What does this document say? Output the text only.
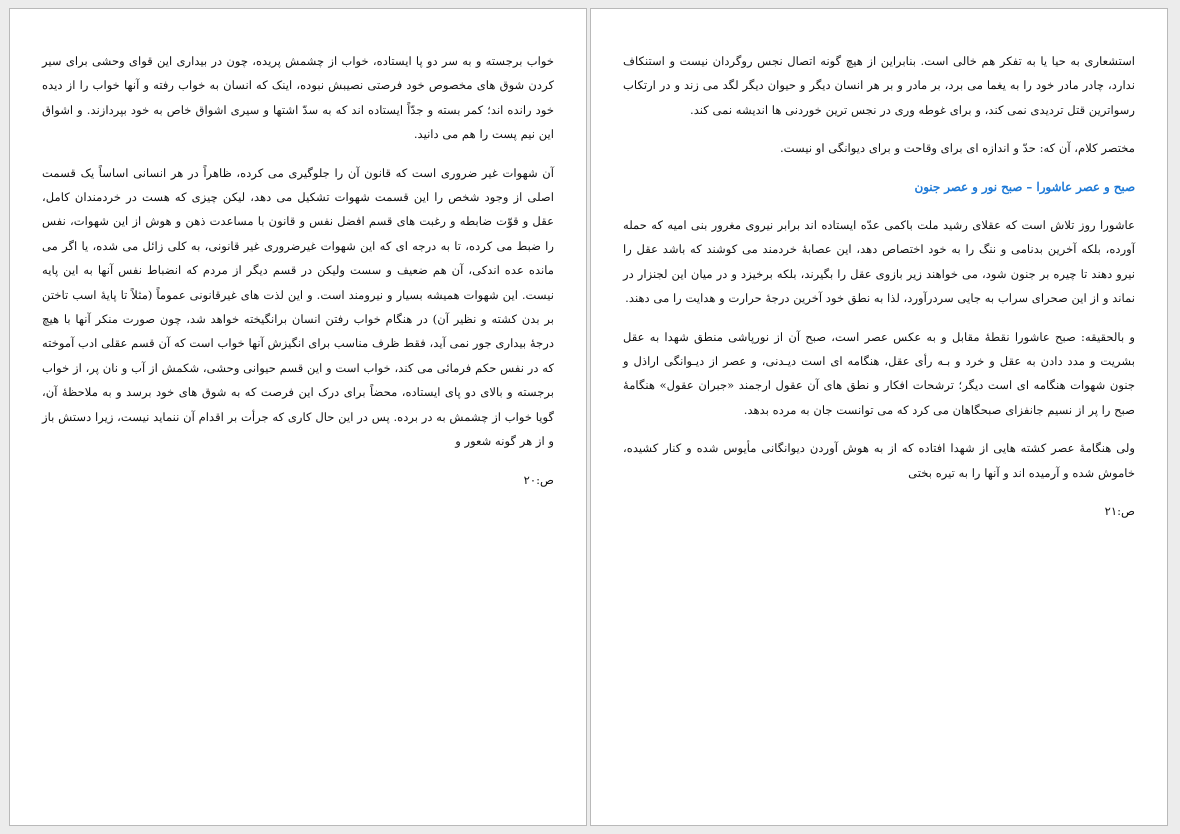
خواب برجسته و به سر دو پا ایستاده، خواب از چشمش پریده، چون در بیداری این قوای وحشی برای سیر کردن شوق های مخصوص خود فرصتی نصیبش نبوده، اینک که انسان به خواب رفته و آنها خواب را از دیده خود رانده اند؛ کمر بسته و جدّاً ایستاده اند که به سدّ اشتها و سیری اشواق خاص به خود بپردازند. و اشواق این نیم پست را هم می دانید.

آن شهوات غیر ضروری است که قانون آن را جلوگیری می کرده، ظاهراً در هر انسانی اساساً یک قسمت اصلی از وجود شخص را این قسمت شهوات تشکیل می دهد، لیکن چیزی که هست در خردمندان کامل، عقل و قوّت ضابطه و رغبت های قسم افضل نفس و قانون با مساعدت ذهن و هوش از این شهوات، نفس را ضبط می کرده، تا به درجه ای که این شهوات غیرضروری غیر قانونی، به کلی زائل می شده، یا اگر می مانده عده اندکی، آن هم ضعیف و سست ولیکن در قسم دیگر از مردم که انضباط نفس آنها به این پایه نیست. این شهوات همیشه بسیار و نیرومند است. و این لذت های غیرقانونی عموماً (مثلاً تا پایهٔ اسب تاختن بر بدن کشته و نظیر آن) در هنگام خواب رفتن انسان برانگیخته خواهد شد، چون صورت منکر آنها با هیچ درجهٔ بیداری جور نمی آید، فقط ظرف مناسب برای انگیزش آنها خواب است که آن قسم عقلی ادب آموخته که در نفس حکم فرمائی می کند، خواب است و این قسم حیوانی وحشی، شکمش از آب و نان پر، از خواب برجسته و بالای دو پای ایستاده، محضاً برای درک این فرصت که به شوق های خود برسد و به ملاحظهٔ آن، گویا خواب از چشمش به در برده. پس در این حال کاری که جرأت بر اقدام آن ننماید نیست، زیرا دستش باز و از هر گونه شعور و

ص:۲۰

استشعاری به حیا یا به تفکر هم خالی است. بنابراین از هیچ گونه اتصال نجس روگردان نیست و استنکاف ندارد، چادر مادر خود را به یغما می برد، بر مادر و بر هر انسان دیگر و حیوان دیگر لگد می زند و در ارتکاب رسواترین قتل تردیدی نمی کند، و برای غوطه وری در نجس ترین خوردنی ها اندیشه نمی کند.

مختصر کلام، آن که: حدّ و اندازه ای برای وقاحت و برای دیوانگی او نیست.

صبح و عصر عاشورا – صبح نور و عصر جنون

عاشورا روز تلاش است که عقلای رشید ملت باکمی عدّه ایستاده اند برابر نیروی مغرور بنی امیه که حمله آورده، بلکه آخرین بدنامی و ننگ را به خود اختصاص دهد، این عصابهٔ خردمند می کوشند که باشد عقل را نیرو دهند تا چیره بر جنون شود، می خواهند زیر بازوی عقل را بگیرند، بلکه برخیزد و در میان این لجنزار در نماند و از این صحرای سراب به جایی سردرآورد، لذا به نطق خود آخرین درجهٔ حرارت و هدایت را می دهند.

و بالحقیقه: صبح عاشورا نقطهٔ مقابل و به عکس عصر است، صبح آن از نورپاشی منطق شهدا به عقل بشریت و مدد دادن به عقل و خرد و بـه رأی عقل، هنگامه ای است دیـدنی، و عصر از دیـوانگی اراذل و جنون شهوات هنگامه ای است دیگر؛ ترشحات افکار و نطق های آن عقول ارجمند «جبران عقول» هنگامهٔ صبح را پر از نسیم جانفزای صبحگاهان می کرد که می توانست جان به مرده بدهد.

ولی هنگامهٔ عصر کشته هایی از شهدا افتاده که از به هوش آوردن دیوانگانی مأیوس شده و کنار کشیده، خاموش شده و آرمیده اند و آنها را به تیره بختی

ص:۲۱
